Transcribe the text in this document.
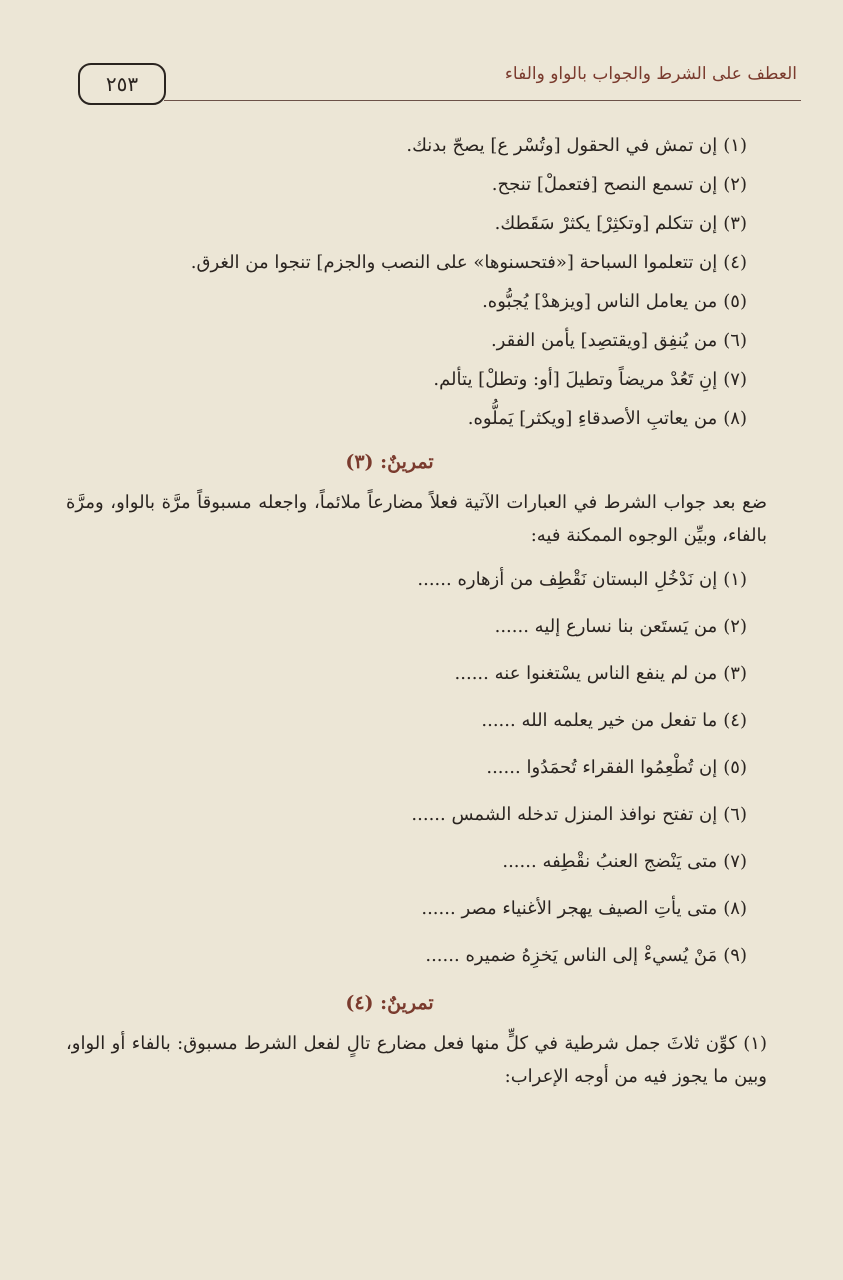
٢٥٣	العطف على الشرط والجواب بالواو والفاء
(١)إن تمش في الحقول [وتُسْر ع] يصحّ بدنك.
(٢)إن تسمع النصح [فتعملْ] تنجح.
(٣)إن تتكلم [وتكثِرْ] يكثرْ سَقَطك.
(٤)إن تتعلموا السباحة [«فتحسنوها» على النصب والجزم] تنجوا من الغرق.
(٥)من يعامل الناس [ويزهدْ] يُجبُّوه.
(٦)من يُنفِق [ويقتصِد] يأمن الفقر.
(٧)إنِ تَعُدْ مريضاً وتطيلَ [أو: وتطلْ] يتألم.
(٨)من يعاتبِ الأصدقاءِ [ويكثر] يَملُّوه.
تمرينٌ: (٣)
ضع بعد جواب الشرط في العبارات الآتية فعلاً مضارعاً ملائماً، واجعله مسبوقاً مرَّة بالواو، ومرَّة بالفاء، وبيِّن الوجوه الممكنة فيه:
(١)إن نَدْخُلِ البستان نَقْطِف من أزهاره ......
(٢)من يَستَعن بنا نسارع إليه ......
(٣)من لم ينفع الناس يسْتغنوا عنه ......
(٤)ما تفعل من خير يعلمه الله ......
(٥)إن تُطْعِمُوا الفقراء تُحمَدُوا ......
(٦)إن تفتح نوافذ المنزل تدخله الشمس ......
(٧)متى يَنْضج العنبُ نقْطِفه ......
(٨)متى يأتِ الصيف يهجر الأغنياء مصر ......
(٩)مَنْ يُسيءْ إلى الناس يَخزِهُ ضميره ......
تمرينٌ: (٤)
(١) كوِّن ثلاثَ جمل شرطية في كلٍّ منها فعل مضارع تالٍ لفعل الشرط مسبوق: بالفاء أو الواو، وبين ما يجوز فيه من أوجه الإعراب:
